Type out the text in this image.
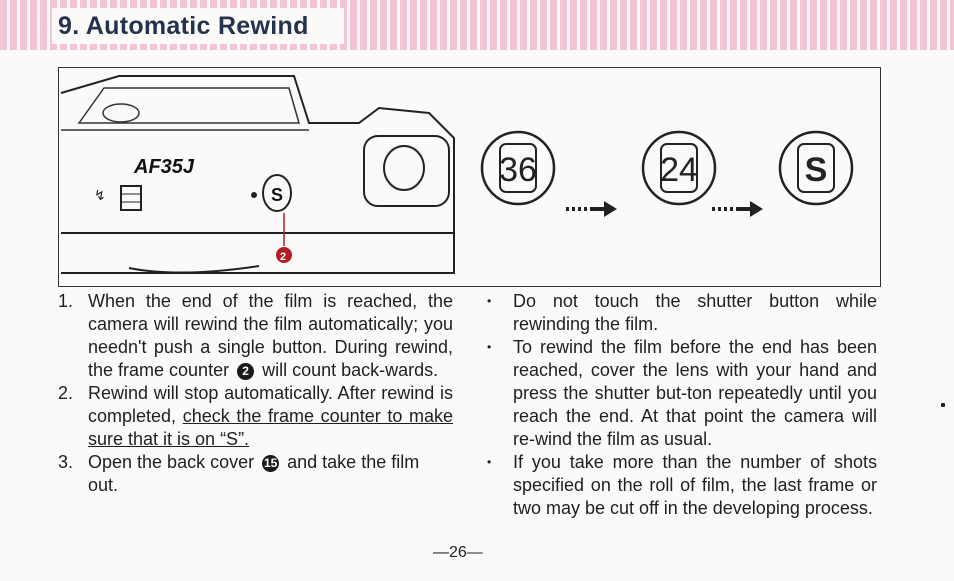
9. Automatic Rewind
↯
AF35J
S
2
36	24	S
1. When the end of the film is reached, the camera will rewind the film automatically; you needn't push a single button. During rewind, the frame counter 2 will count back-wards.
2. Rewind will stop automatically. After rewind is completed, check the frame counter to make sure that it is on “S”.
3. Open the back cover 15 and take the film out.
•	Do not touch the shutter button while rewinding the film.
•	To rewind the film before the end has been reached, cover the lens with your hand and press the shutter but-ton repeatedly until you reach the end. At that point the camera will re-wind the film as usual.
•	If you take more than the number of shots specified on the roll of film, the last frame or two may be cut off in the developing process.
—26—
